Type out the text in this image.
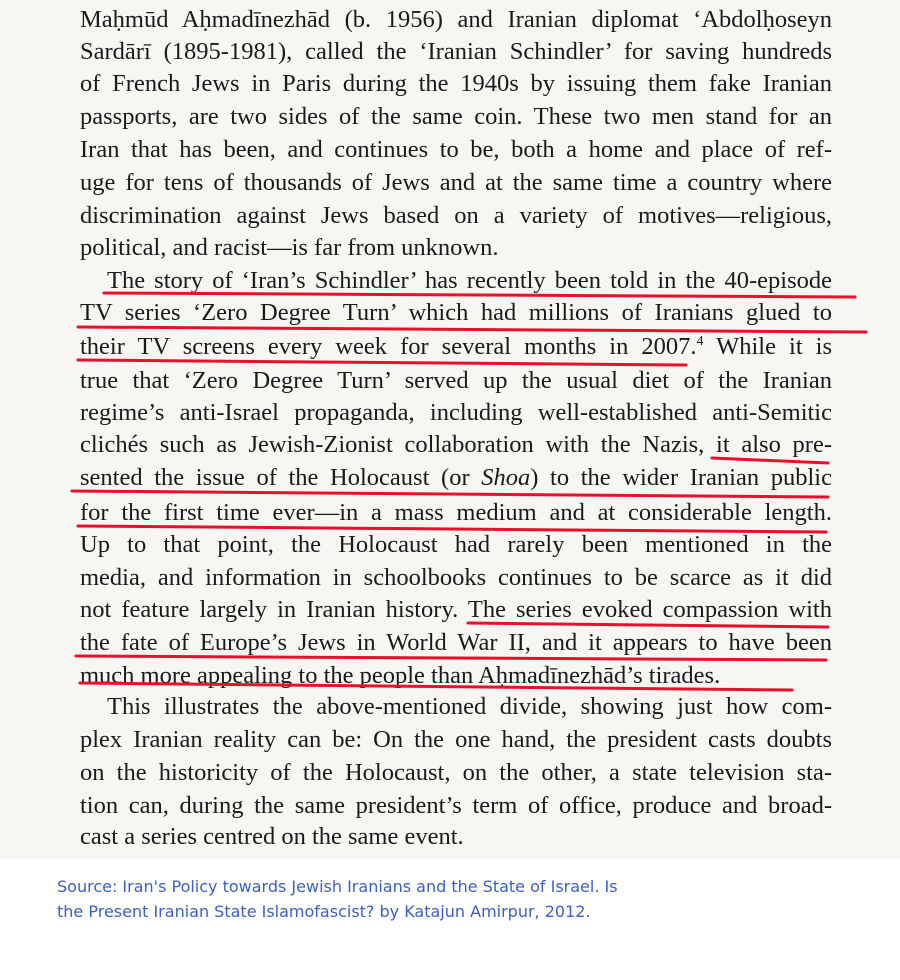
Maḥmūd Aḥmadīnezhād (b. 1956) and Iranian diplomat ‘Abdolḥoseyn
Sardārī (1895-1981), called the ‘Iranian Schindler’ for saving hundreds
of French Jews in Paris during the 1940s by issuing them fake Iranian
passports, are two sides of the same coin. These two men stand for an
Iran that has been, and continues to be, both a home and place of ref-
uge for tens of thousands of Jews and at the same time a country where
discrimination against Jews based on a variety of motives—religious,
political, and racist—is far from unknown.
The story of ‘Iran’s Schindler’ has recently been told in the 40-episode
TV series ‘Zero Degree Turn’ which had millions of Iranians glued to
their TV screens every week for several months in 2007.$^4$ While it is
true that ‘Zero Degree Turn’ served up the usual diet of the Iranian
regime’s anti-Israel propaganda, including well-established anti-Semitic
clichés such as Jewish-Zionist collaboration with the Nazis, it also pre-
sented the issue of the Holocaust (or Shoa) to the wider Iranian public
for the first time ever—in a mass medium and at considerable length.
Up to that point, the Holocaust had rarely been mentioned in the
media, and information in schoolbooks continues to be scarce as it did
not feature largely in Iranian history. The series evoked compassion with
the fate of Europe’s Jews in World War II, and it appears to have been
much more appealing to the people than Aḥmadīnezhād’s tirades.
This illustrates the above-mentioned divide, showing just how com-
plex Iranian reality can be: On the one hand, the president casts doubts
on the historicity of the Holocaust, on the other, a state television sta-
tion can, during the same president’s term of office, produce and broad-
cast a series centred on the same event.
Source: Iran's Policy towards Jewish Iranians and the State of Israel. Is
the Present Iranian State Islamofascist? by Katajun Amirpur, 2012.
